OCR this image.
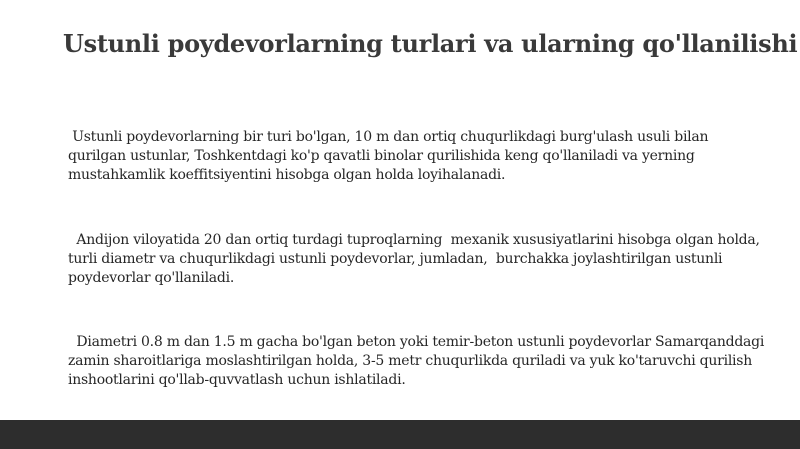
Ustunli poydevorlarning turlari va ularning qo'llanilishi

Ustunli poydevorlarning bir turi bo'lgan, 10 m dan ortiq chuqurlikdagi burg'ulash usuli bilan qurilgan ustunlar, Toshkentdagi ko'p qavatli binolar qurilishida keng qo'llaniladi va yerning mustahkamlik koeffitsiyentini hisobga olgan holda loyihalanadi.

Andijon viloyatida 20 dan ortiq turdagi tuproqlarning  mexanik xususiyatlarini hisobga olgan holda, turli diametr va chuqurlikdagi ustunli poydevorlar, jumladan,  burchakka joylashtirilgan ustunli poydevorlar qo'llaniladi.

Diametri 0.8 m dan 1.5 m gacha bo'lgan beton yoki temir-beton ustunli poydevorlar Samarqanddagi zamin sharoitlariga moslashtirilgan holda, 3-5 metr chuqurlikda quriladi va yuk ko'taruvchi qurilish inshootlarini qo'llab-quvvatlash uchun ishlatiladi.
